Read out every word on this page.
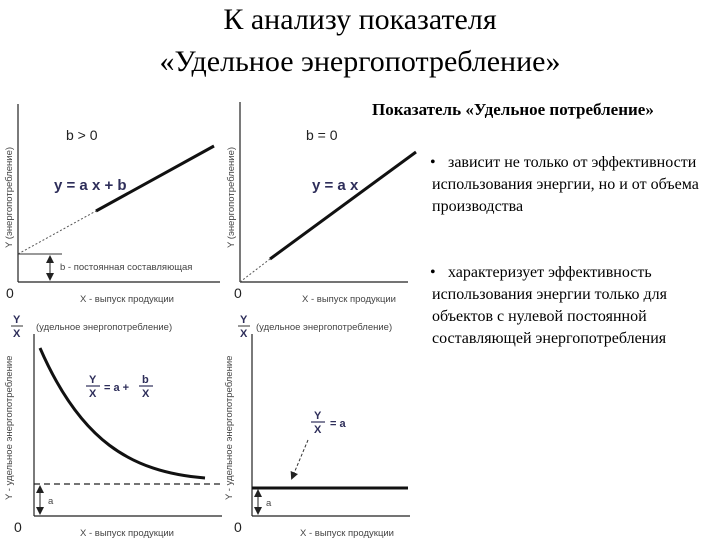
К анализу показателя
«Удельное энергопотребление»
b > 0
y = a x + b
b - постоянная составляющая
X - выпуск продукции
0
Y (энергопотребление)
b = 0
y = a x
X - выпуск продукции
0
Y (энергопотребление)
Y
X
(удельное энергопотребление)
a
Y
X = a +
b
X
X - выпуск продукции
0
Y - удельное энергопотребление
Y
X
(удельное энергопотребление)
a
Y
X = a
X - выпуск продукции
0
Y - удельное энергопотребление
Показатель «Удельное потребление»
• зависит не только от эффективности использования энергии, но и от объема производства
• характеризует эффективность использования энергии только для объектов с нулевой постоянной составляющей энергопотребления
